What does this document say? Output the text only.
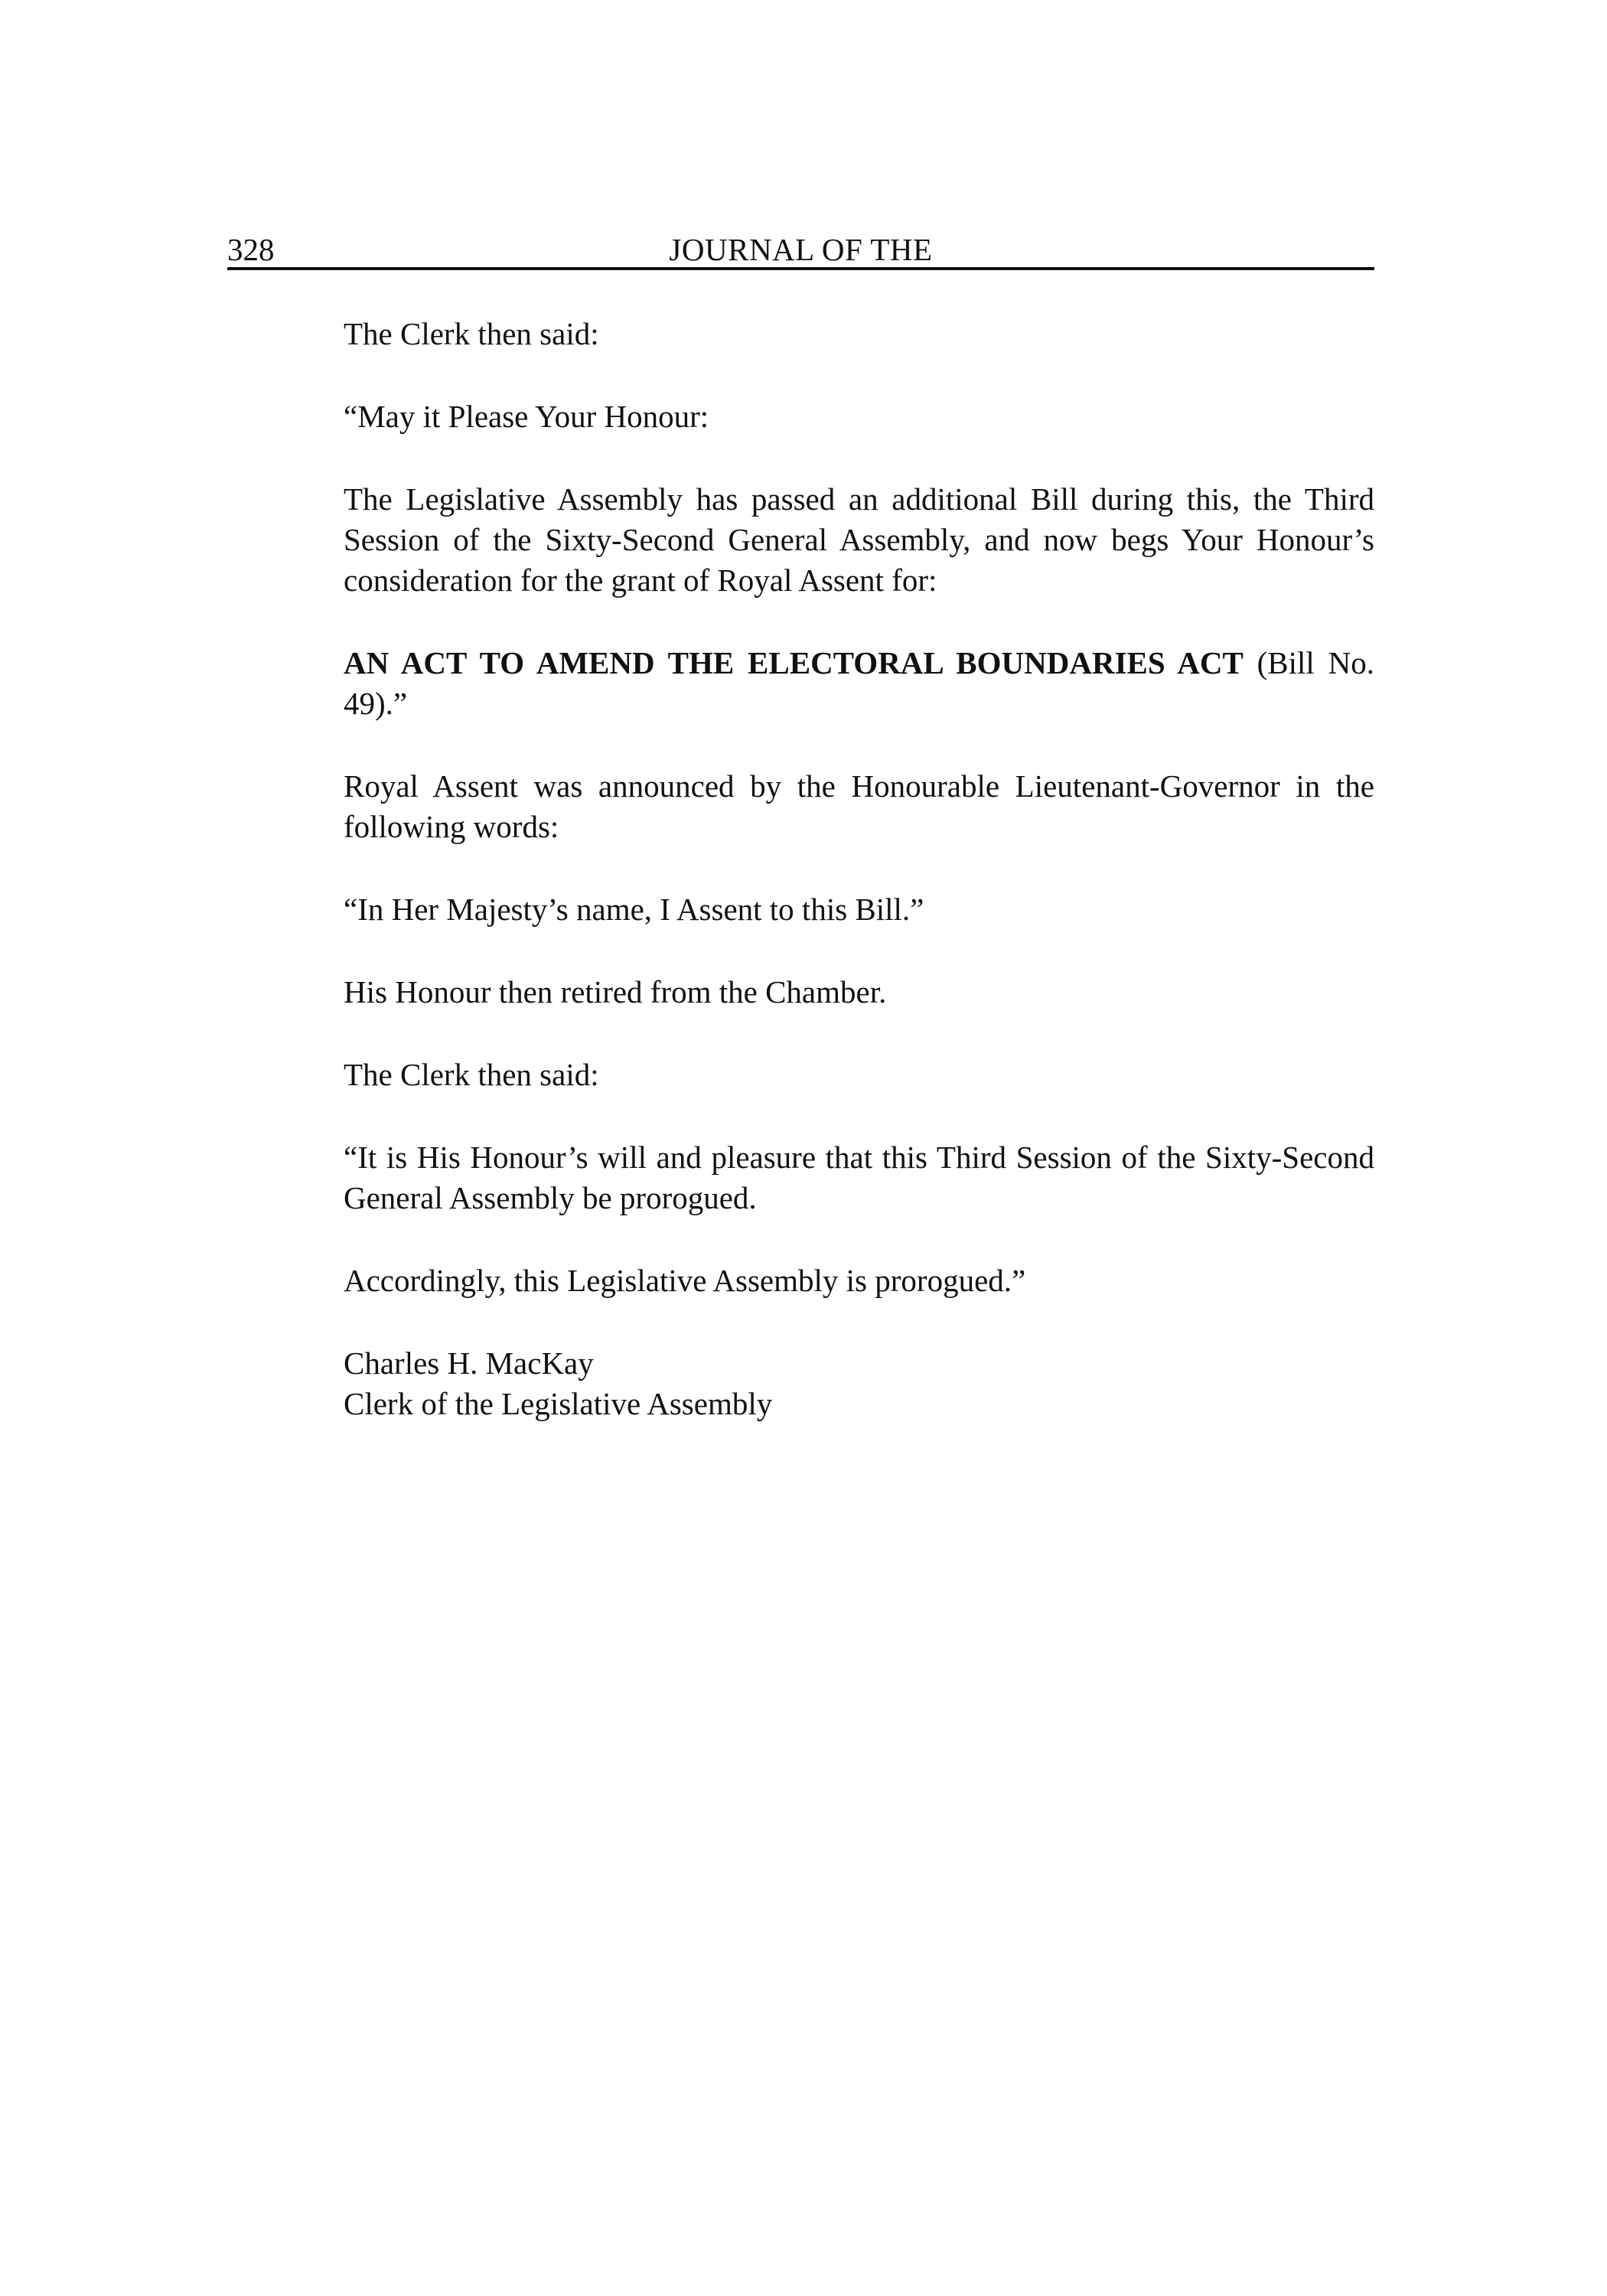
328	JOURNAL OF THE

The Clerk then said:

“May it Please Your Honour:

The Legislative Assembly has passed an additional Bill during this, the Third Session of the Sixty-Second General Assembly, and now begs Your Honour’s consideration for the grant of Royal Assent for:

AN ACT TO AMEND THE ELECTORAL BOUNDARIES ACT (Bill No. 49).”

Royal Assent was announced by the Honourable Lieutenant-Governor in the following words:

“In Her Majesty’s name, I Assent to this Bill.”

His Honour then retired from the Chamber.

The Clerk then said:

“It is His Honour’s will and pleasure that this Third Session of the Sixty-Second General Assembly be prorogued.

Accordingly, this Legislative Assembly is prorogued.”

Charles H. MacKay
Clerk of the Legislative Assembly
